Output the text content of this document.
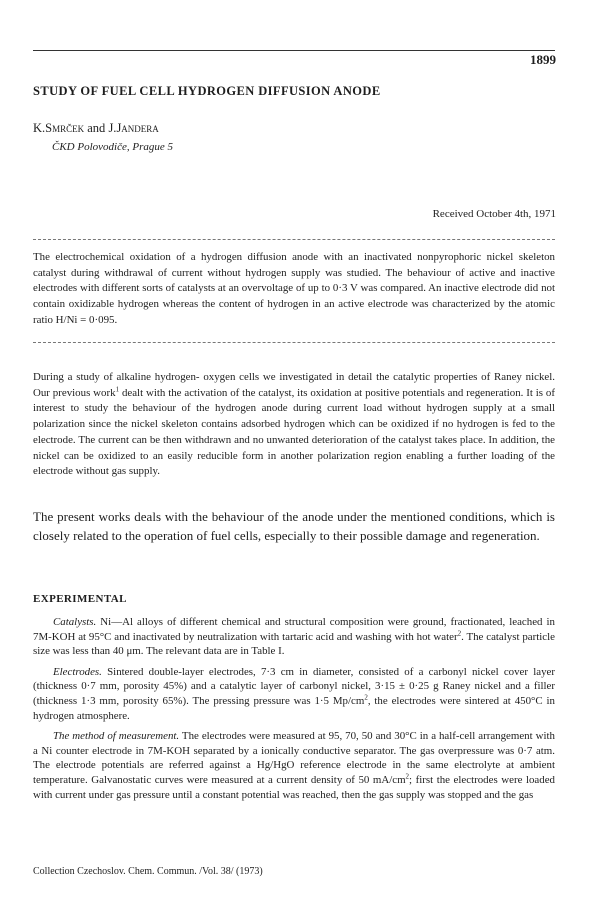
1899
STUDY OF FUEL CELL HYDROGEN DIFFUSION ANODE
K.Smrček and J.Jandera
ČKD Polovodiče, Prague 5
Received October 4th, 1971

The electrochemical oxidation of a hydrogen diffusion anode with an inactivated nonpyrophoric nickel skeleton catalyst during withdrawal of current without hydrogen supply was studied. The behaviour of active and inactive electrodes with different sorts of catalysts at an overvoltage of up to 0·3 V was compared. An inactive electrode did not contain oxidizable hydrogen whereas the content of hydrogen in an active electrode was characterized by the atomic ratio H/Ni = 0·095.

During a study of alkaline hydrogen- oxygen cells we investigated in detail the catalytic properties of Raney nickel. Our previous work$^1$ dealt with the activation of the catalyst, its oxidation at positive potentials and regeneration. It is of interest to study the behaviour of the hydrogen anode during current load without hydrogen supply at a small polarization since the nickel skeleton contains adsorbed hydrogen which can be oxidized if no hydrogen is fed to the electrode. The current can be then withdrawn and no unwanted deterioration of the catalyst takes place. In addition, the nickel can be oxidized to an easily reducible form in another polarization region enabling a further loading of the electrode without gas supply.

The present works deals with the behaviour of the anode under the mentioned conditions, which is closely related to the operation of fuel cells, especially to their possible damage and regeneration.

EXPERIMENTAL

Catalysts. Ni—Al alloys of different chemical and structural composition were ground, fractionated, leached in 7M-KOH at 95°C and inactivated by neutralization with tartaric acid and washing with hot water$^2$. The catalyst particle size was less than 40 μm. The relevant data are in Table I.

Electrodes. Sintered double-layer electrodes, 7·3 cm in diameter, consisted of a carbonyl nickel cover layer (thickness 0·7 mm, porosity 45%) and a catalytic layer of carbonyl nickel, 3·15 ± 0·25 g Raney nickel and a filler (thickness 1·3 mm, porosity 65%). The pressing pressure was 1·5 $Mp/cm^2$, the electrodes were sintered at 450°C in hydrogen atmosphere.

The method of measurement. The electrodes were measured at 95, 70, 50 and 30°C in a half-cell arrangement with a Ni counter electrode in 7M-KOH separated by a ionically conductive separator. The gas overpressure was 0·7 atm. The electrode potentials are referred against a Hg/HgO reference electrode in the same electrolyte at ambient temperature. Galvanostatic curves were measured at a current density of 50 $mA/cm^2$; first the electrodes were loaded with current under gas pressure until a constant potential was reached, then the gas supply was stopped and the gas

Collection Czechoslov. Chem. Commun. /Vol. 38/ (1973)
